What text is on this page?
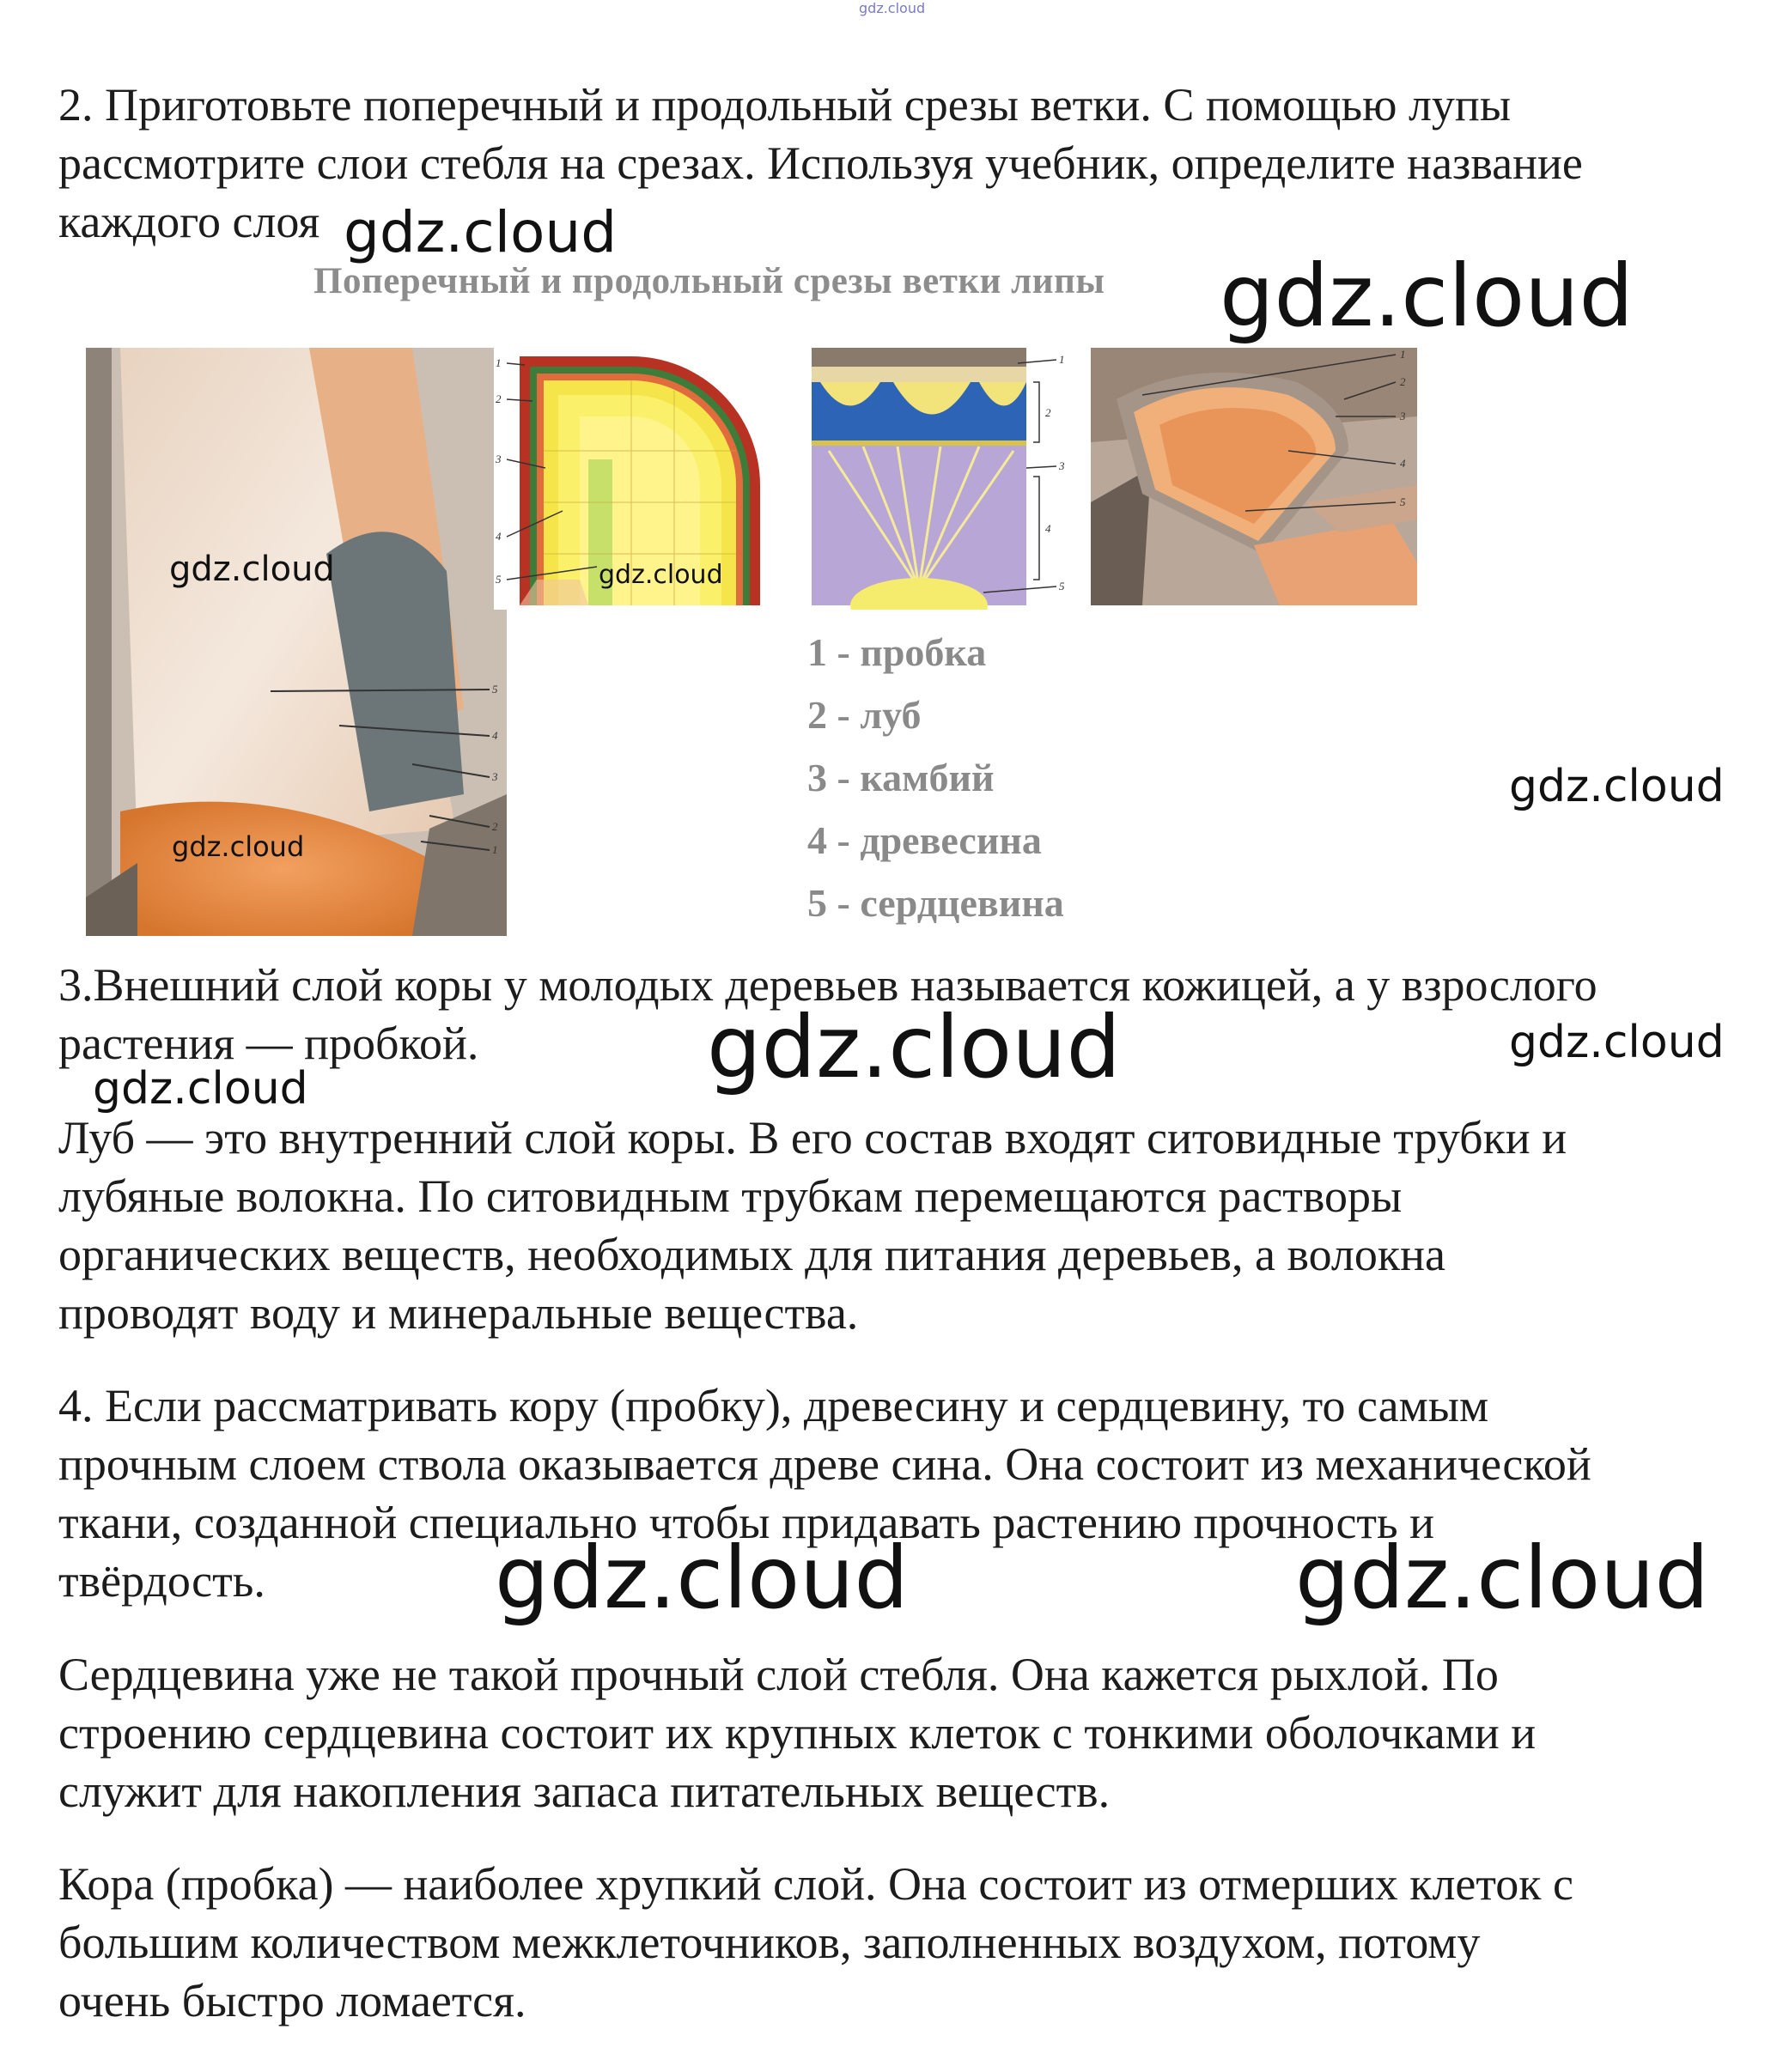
gdz.cloud
2. Приготовьте поперечный и продольный срезы ветки. С помощью лупы
рассмотрите слои стебля на срезах. Используя учебник, определите название
каждого слоя gdz.cloud
Поперечный и продольный срезы ветки липы gdz.cloud
5
4
3
2
1
gdz.cloud
gdz.cloud
1
2
3
4
5	gdz.cloud
1
2
3
4
5
1
2
3
4
5
1 - пробка
2 - луб
3 - камбий
4 - древесина
5 - сердцевина
gdz.cloud
3.Внешний слой коры у молодых деревьев называется кожицей, а у взрослого
растения — пробкой.	gdz.cloud	gdz.cloud
gdz.cloud
Луб — это внутренний слой коры. В его состав входят ситовидные трубки и
лубяные волокна. По ситовидным трубкам перемещаются растворы
органических веществ, необходимых для питания деревьев, а волокна
проводят воду и минеральные вещества.
4. Если рассматривать кору (пробку), древесину и сердцевину, то самым
прочным слоем ствола оказывается древе сина. Она состоит из механической
ткани, созданной специально чтобы придавать растению прочность и
твёрдость.	gdz.cloud	gdz.cloud
Сердцевина уже не такой прочный слой стебля. Она кажется рыхлой. По
строению сердцевина состоит их крупных клеток с тонкими оболочками и
служит для накопления запаса питательных веществ.
Кора (пробка) — наиболее хрупкий слой. Она состоит из отмерших клеток с
большим количеством межклеточников, заполненных воздухом, потому
очень быстро ломается.	gdz.cloud
